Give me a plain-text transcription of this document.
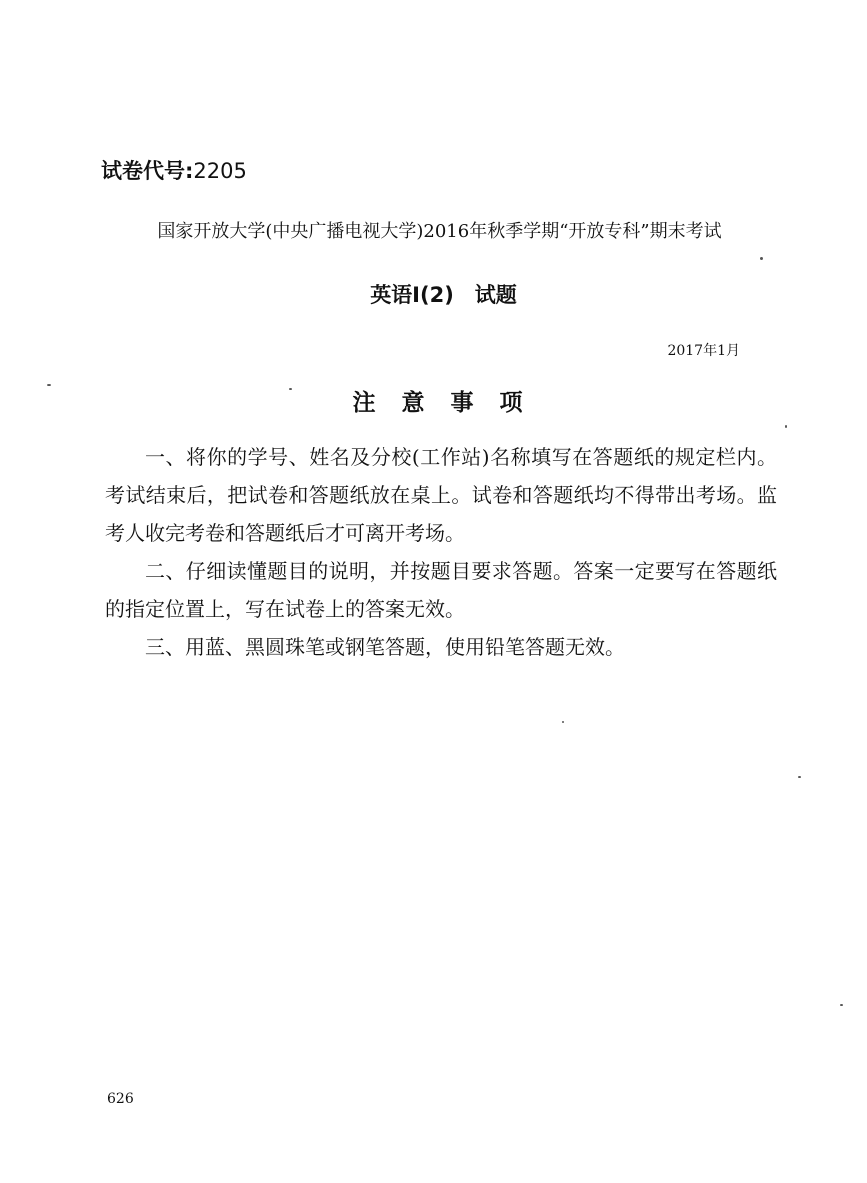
试卷代号:2205
国家开放大学(中央广播电视大学)2016年秋季学期“开放专科”期末考试
英语Ⅰ(2)　试题
2017年1月
注意事项

一、将你的学号、姓名及分校(工作站)名称填写在答题纸的规定栏内。考试结束后，把试卷和答题纸放在桌上。试卷和答题纸均不得带出考场。监考人收完考卷和答题纸后才可离开考场。

二、仔细读懂题目的说明，并按题目要求答题。答案一定要写在答题纸的指定位置上，写在试卷上的答案无效。

三、用蓝、黑圆珠笔或钢笔答题，使用铅笔答题无效。

626
